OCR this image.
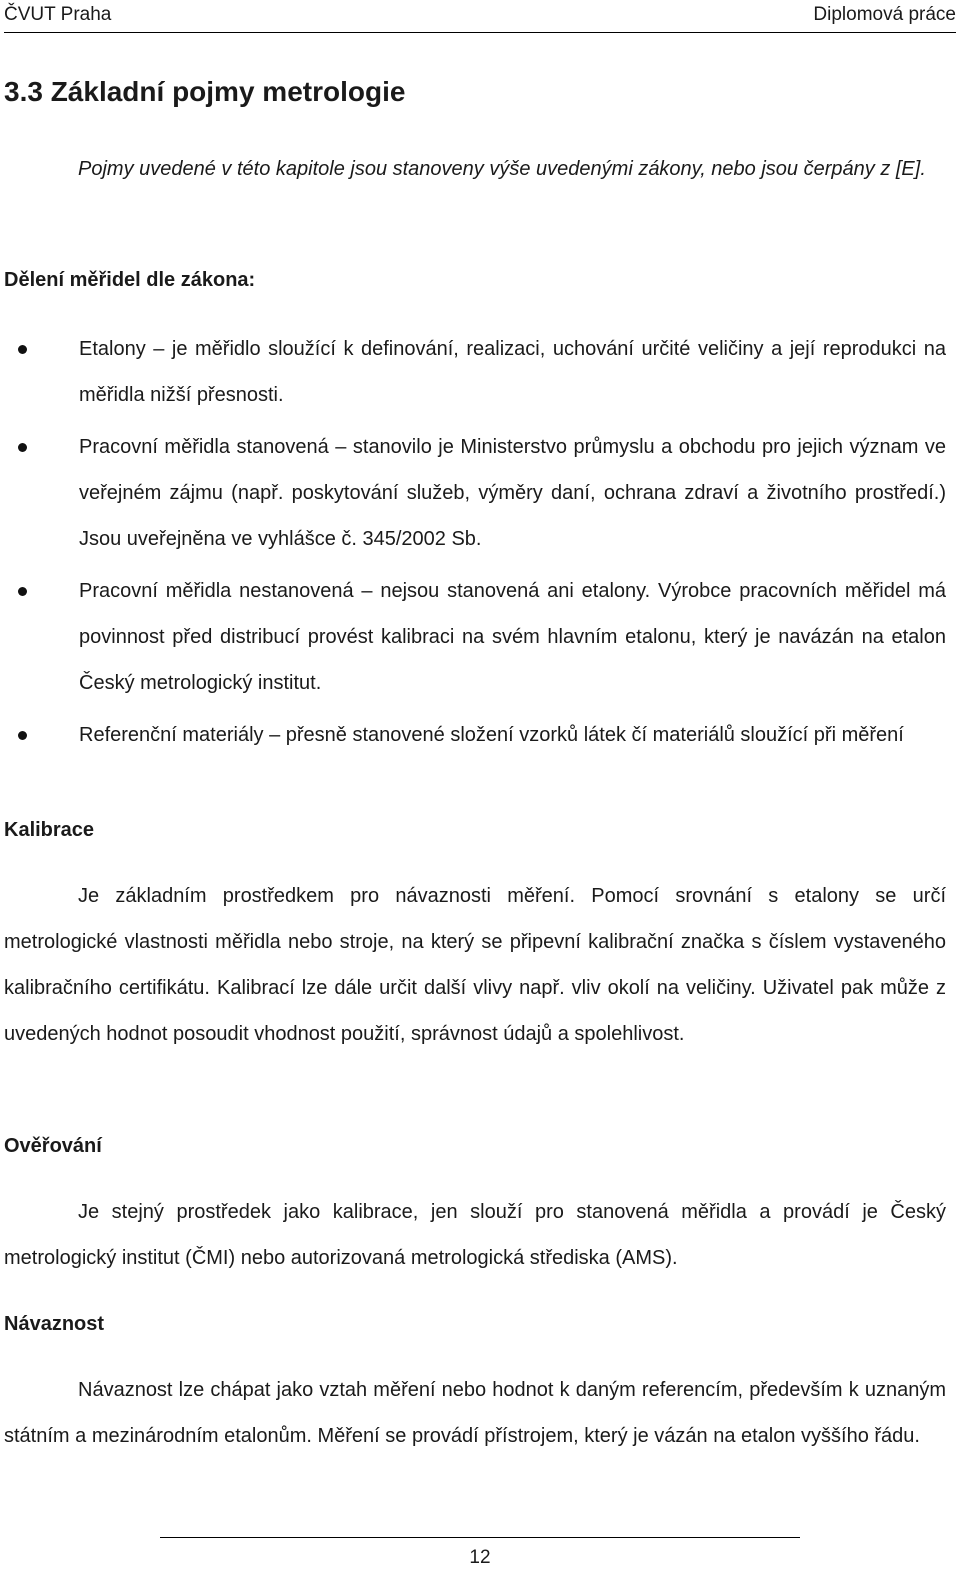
ČVUT Praha	Diplomová práce
3.3 Základní pojmy metrologie

Pojmy uvedené v této kapitole jsou stanoveny výše uvedenými zákony, nebo jsou čerpány z [E].

Dělení měřidel dle zákona:

Etalony – je měřidlo sloužící k definování, realizaci, uchování určité veličiny a její reprodukci na měřidla nižší přesnosti.
Pracovní měřidla stanovená – stanovilo je Ministerstvo průmyslu a obchodu pro jejich význam ve veřejném zájmu (např. poskytování služeb, výměry daní, ochrana zdraví a životního prostředí.) Jsou uveřejněna ve vyhlášce č. 345/2002 Sb.
Pracovní měřidla nestanovená – nejsou stanovená ani etalony. Výrobce pracovních měřidel má povinnost před distribucí provést kalibraci na svém hlavním etalonu, který je navázán na etalon Český metrologický institut.
Referenční materiály – přesně stanovené složení vzorků látek čí materiálů sloužící při měření

Kalibrace

Je základním prostředkem pro návaznosti měření. Pomocí srovnání s etalony se určí metrologické vlastnosti měřidla nebo stroje, na který se připevní kalibrační značka s číslem vystaveného kalibračního certifikátu. Kalibrací lze dále určit další vlivy např. vliv okolí na veličiny. Uživatel pak může z uvedených hodnot posoudit vhodnost použití, správnost údajů a spolehlivost.

Ověřování

Je stejný prostředek jako kalibrace, jen slouží pro stanovená měřidla a provádí je Český metrologický institut (ČMI) nebo autorizovaná metrologická střediska (AMS).

Návaznost

Návaznost lze chápat jako vztah měření nebo hodnot k daným referencím, především k uznaným státním a mezinárodním etalonům. Měření se provádí přístrojem, který je vázán na etalon vyššího řádu.

12
